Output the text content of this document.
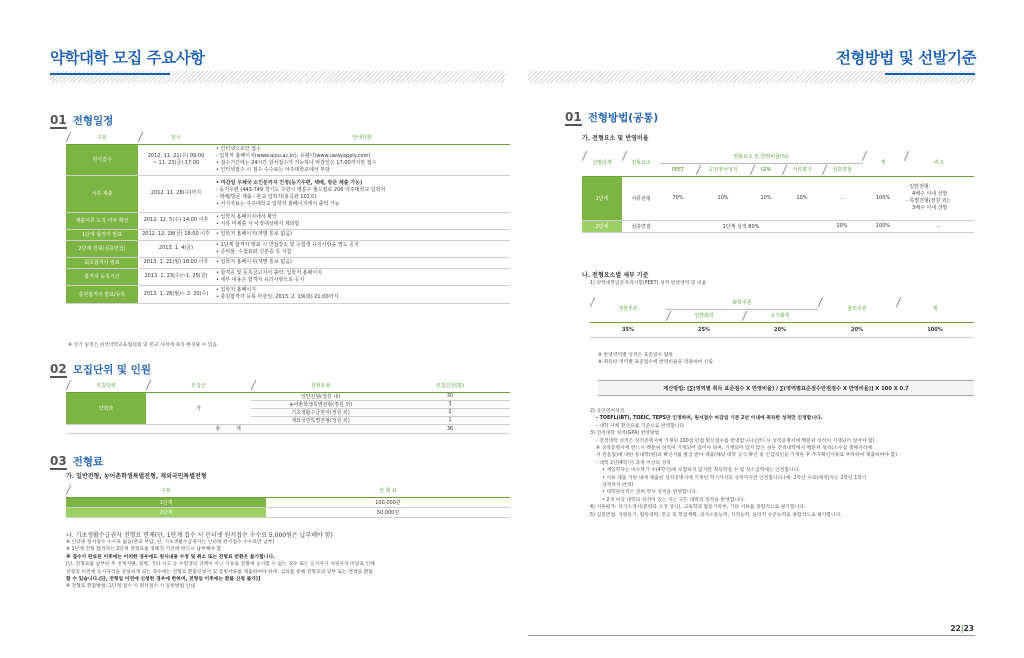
약학대학 모집 주요사항	전형방법 및 선발기준
01 전형일정
구분	일시	안내사항
원서접수	2012. 11. 21(수) 09:00
~ 11. 23(금) 17:00	• 인터넷으로만 접수
- 입학처 홈페이지(www.ajou.ac.kr), 유웨이(www.uwayapply.com)
• 접수기간에는 24시간 원서접수가 가능하나 마감일은 17:00까지만 접수
• 인터넷접수 시 접수 수수료는 아주대학교에서 부담

서류 제출	2012. 11. 28(수)까지	• 마감일 우체국 소인분까지 인정(등기우편, 택배, 방문 제출 가능)
- 등기우편 (443-749 경기도 수원시 영통구 월드컵로 206 아주대학교 입학처
- 택배/방문 제출 : 본교 입학처(율곡관 102호)
• 서식자료는 아주대학교 입학처 홈페이지에서 출력 가능

제출서류 도착 여부 확인	2012. 12. 5(수) 14:00 이후	• 입학처 홈페이지에서 확인
• 서류 미제출 시 사정대상에서 제외함

1단계 합격자 발표	2012. 12. 28(금) 18:00 이후	• 입학처 홈페이지(개별 통보 없음)

2단계 전형(심층면접)	2013. 1. 4(금)	• 1단계 합격자 발표 시 면접장소 및 수험생 유의사항을 별도 공지
• 준비물: 수험표와 신분증 꼭 지참

최초합격자 발표	2013. 1. 21(월) 18:00 이후	• 입학처 홈페이지(개별 통보 없음)

합격자 등록기간	2013. 1. 23(수)~1. 25(금)	• 합격증 및 등록금고지서 출력: 입학처 홈페이지
• 세부 내용은 합격자 유의사항으로 공지

충원합격자 발표/등록	2013. 1. 28(월)~ 2. 20(수)	• 입학처 홈페이지
• 충원합격자 등록 마감일: 2013. 2. 19(화) 21:00까지
※ 상기 일정은 한국약학교육협의회 및 본교 사정에 따라 변경될 수 있음
02 모집단위 및 인원
모집단위	모집군	전형유형	모집인원(명)
약학과	가	일반전형(정원 내)	30
		농어촌학생특별전형(정원 외)	3
		기초생활수급권자(정원 외)	2
		재외국민특별전형(정원 외)	1
총          계			36
03 전형료
가. 일반전형, 농어촌학생특별전형, 재외국민특별전형
구분	전 형 료
1단계	100,000원
2단계	50,000원
나. 기초생활수급권자 전형료 면제(단, 1단계 접수 시 인터넷 원서접수 수수료 5,000원은 납부해야 함)
※ 인터넷 원서접수 수수료 없음(본교 부담, 단, 기초생활수급권자는 인터넷 원서접수 수수료만 납부)
※ 1단계 전형 합격자는 2단계 전형료를 정해진 기간에 반드시 납부해야 함
※ 접수가 완료된 이후에는 어떠한 경우에도 원서내용 수정 및 취소 또는 전형료 반환은 불가합니다.
[단, 전형료를 납부한 후 천재지변, 질병, 기타 사고 등 수험생의 귀책이 아닌 사유로 전형에 응시할 수 없는 경우 또는 응시자가 지원자격 미달로 인해
전형의 이전에 응시자격을 상실하게 되는 경우에는 전형료 환불신청서 및 증빙서류를 제출하여야 하며, 심의를 통해 전형료의 일부 또는 전액을 환불
할 수 있습니다.(단, 전형일 이전에 신청한 경우에 한하며, 전형일 이후에는 환불 신청 불가)]
※ 전형료 환불방법: 1단계 접수 시 원서접수 시 등록방법 안내
01 전형방법(공통)
가. 전형요소 및 반영비율
선발단계	전형요소	전형요소 및 반영비율(%)					계	비고
		PEET	공인영어성적	GPA	서류평가	심층면접		
1단계	서류전형	70%	10%	10%	10%	－	100%	- 일반전형:
4배수 이내 선발
- 특별전형(정원 외):
3배수 이내 선발

2단계	심층면접	1단계 성적 80%				20%	100%	－
나. 전형요소별 세부 기준
1) 약학대학입문자격시험(PEET) 성적 반영영역 및 비율
생물추론	화학추론		물리추론	계
	일반화학	유기화학		
35%	25%	20%	20%	100%
※ 반영영역별 성적은 표준점수 활용
※ 취득한 영역별 표준점수에 반영비율을 적용하여 산출
계산방법: [∑(영역별 취득 표준점수 X 반영비율) / ∑(영역별표준점수만점점수 X 반영비율)] X 100 X 0.7
2) 공인영어성적
- TOEFL(iBT), TOEIC, TEPS만 인정하며, 원서접수 마감일 기준 2년 이내에 취득한 성적만 인정합니다.
- 대학 자체 환산표를 기준으로 반영합니다.
3) 전적대학 성적(GPA) 반영방법
- 전적대학 성적은 성적증명서에 기재된 100점 만점 환산점수를 반영합니다.(반드시 성적증명서에 백분위 성적이 기재되어 있어야 함)
※ 성적증명서에 반드시 백분위 성적이 기재되어 있어야 하며, 기재되어 있지 않은 경우 전적대학에서 백분위 성적(소수점 셋째자리에
서 반올림)에 대한 동대학(원)의 확인서를 발급 받아 제출(해당 대학 공식 확인 및 인감직인을 기재한 후 추가확인서류로 부착하여 제출하여야 함)
- 대학 2년(4학기) 과정 이상의 성적
• 재입학자는 이수학기 수(4학기)에 포함하지 않지만 취득학점 수 및 성소급학에는 인정합니다.
• 서류 제출 기한 내에 제출한 성적증명서에 기재된 학기까지의 성적까지만 인정합니다.(예: 2학년 수료(예정)자는 2학년 1학기
성적까지 반영)
• 대학원성적은 전혀 학사 성적을 반영합니다.
• 2개 이상 대학의 성적이 있는 자는 모든 대학의 성적을 반영합니다.
4) 서류평가: 자기소개서(분량과 소정 양식), 교육학과 활동기록부, 기타 서류를 종합적으로 평가합니다.
5) 심층면접: 지원동기, 활동경력, 전공 및 학업계획, 의사소통능력, 지적능력, 윤리적 수준능력을 종합적으로 평가합니다.
22|23
